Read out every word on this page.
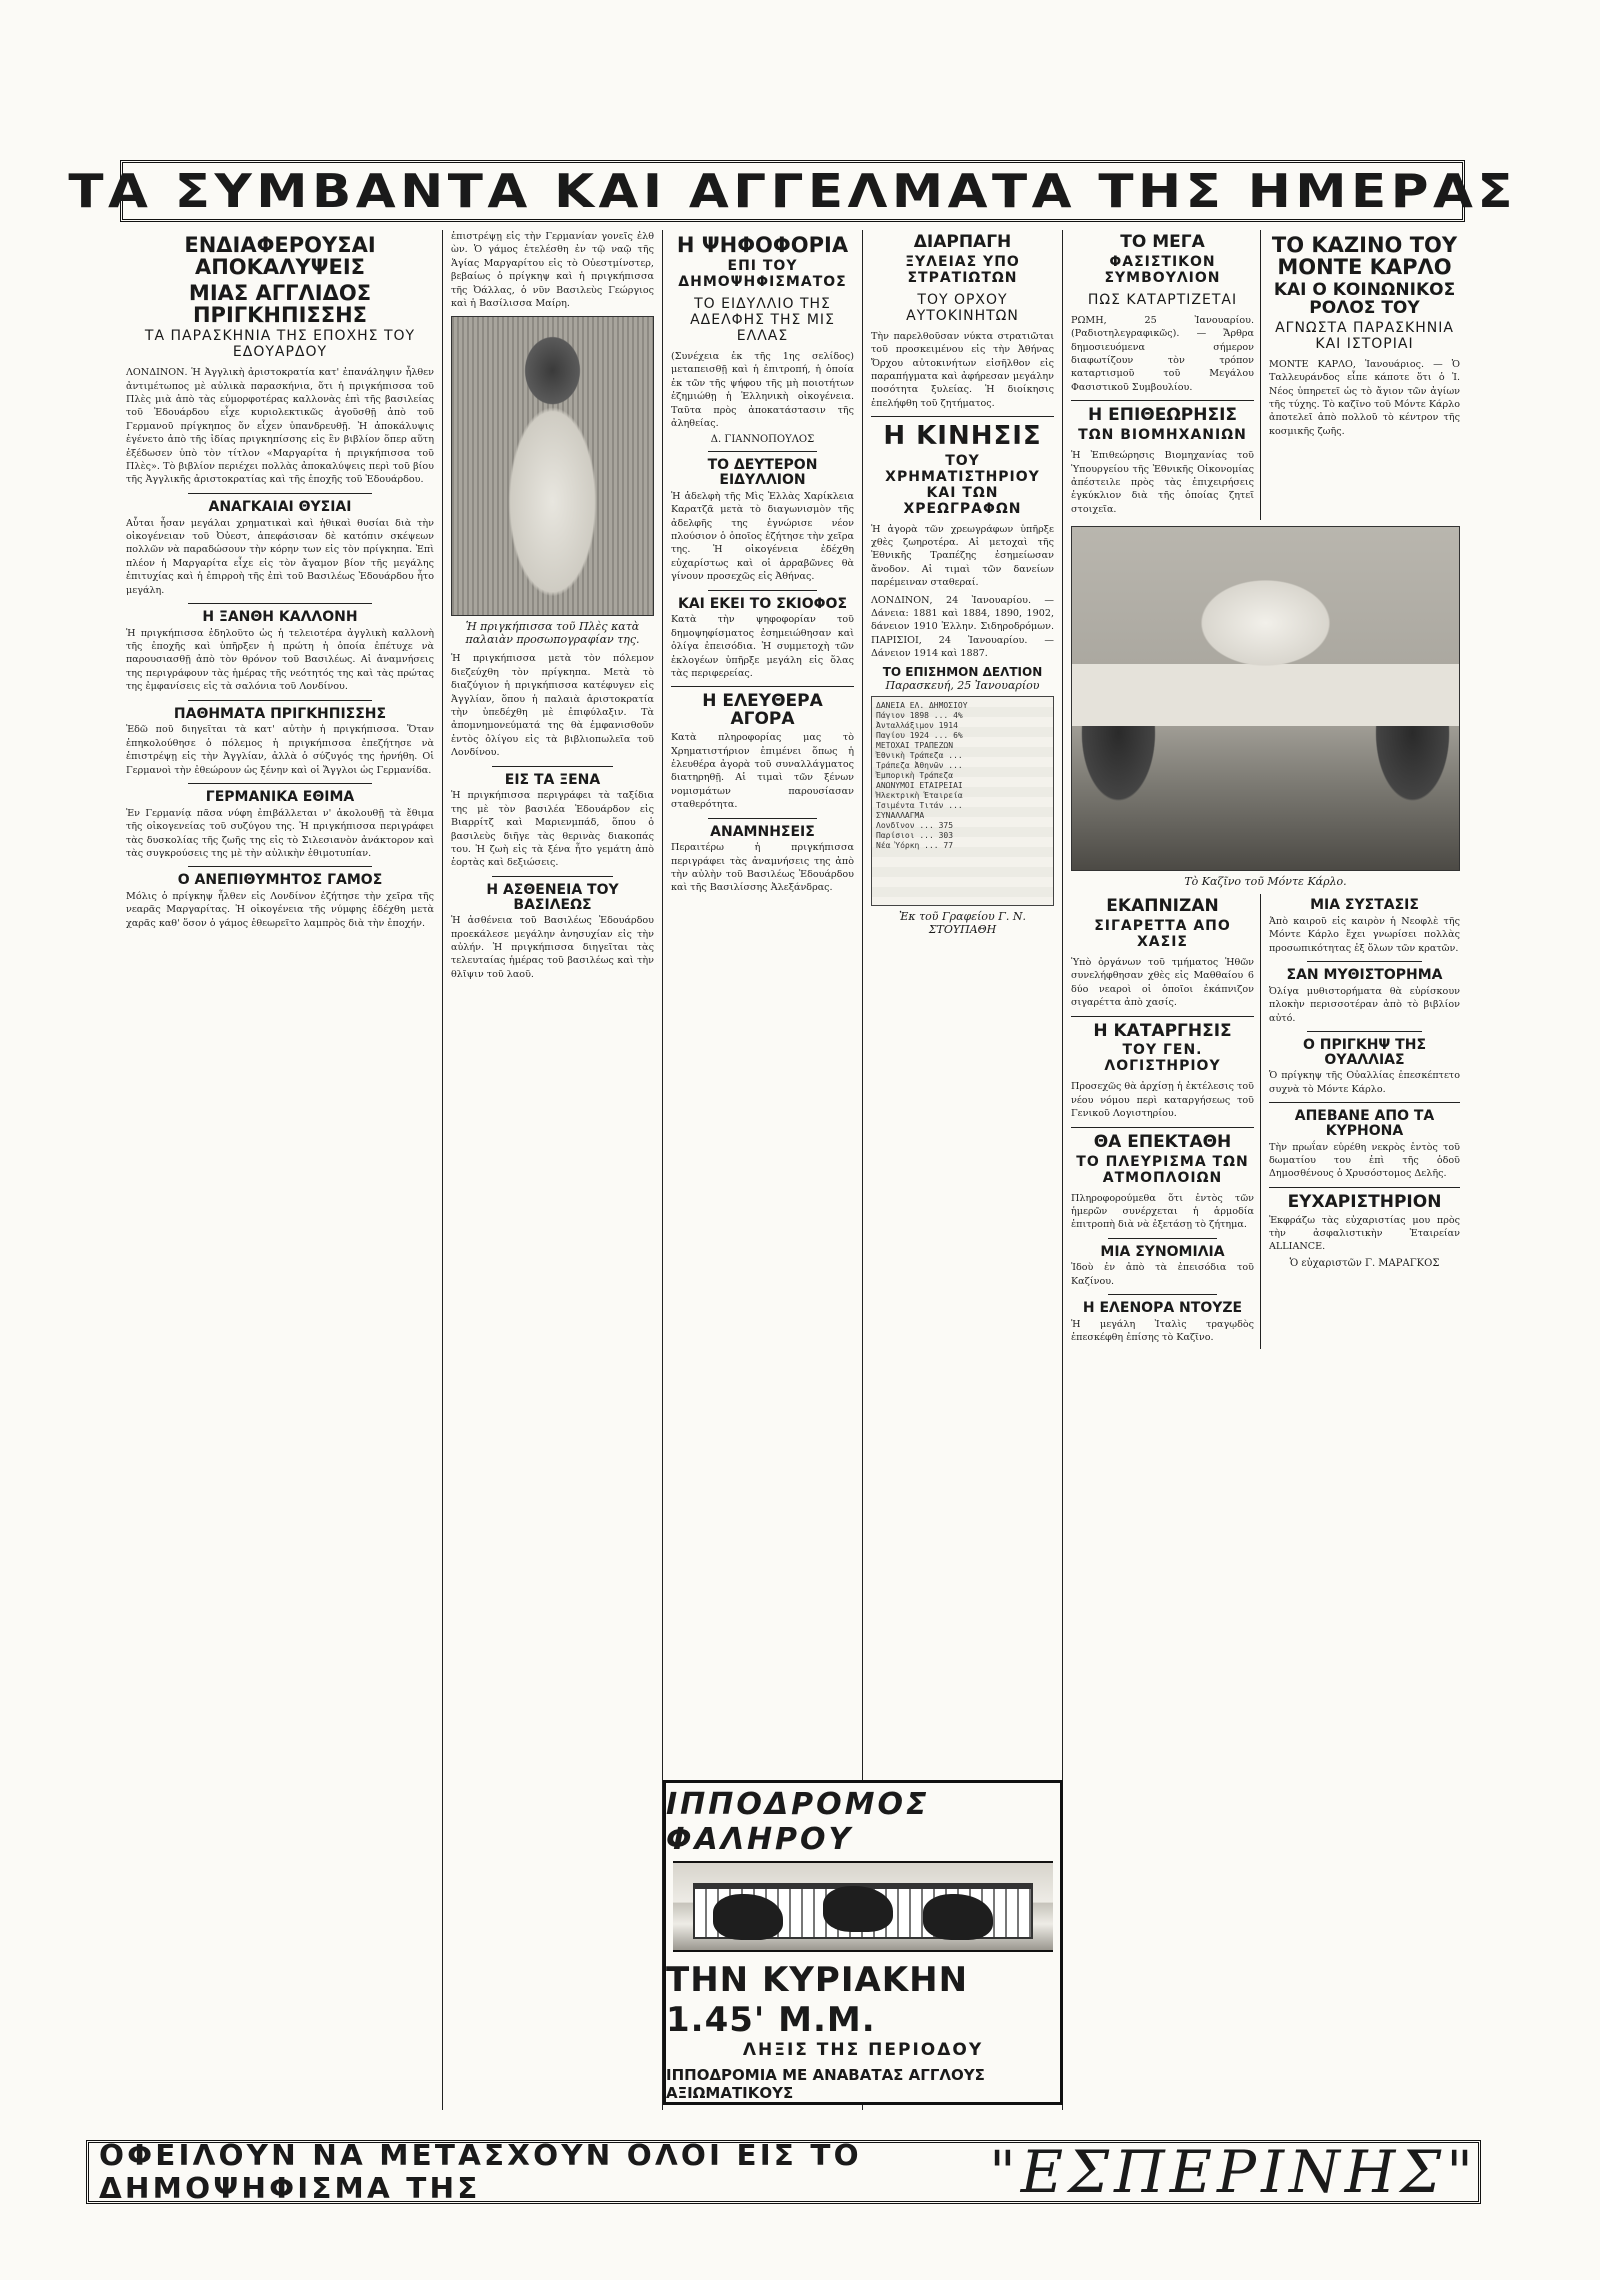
ΤΑ ΣΥΜΒΑΝΤΑ ΚΑΙ ΑΓΓΕΛΜΑΤΑ ΤΗΣ ΗΜΕΡΑΣ
ΕΝΔΙΑΦΕΡΟΥΣΑΙ ΑΠΟΚΑΛΥΨΕΙΣ
ΜΙΑΣ ΑΓΓΛΙΔΟΣ ΠΡΙΓΚΗΠΙΣΣΗΣ
ΤΑ ΠΑΡΑΣΚΗΝΙΑ ΤΗΣ ΕΠΟΧΗΣ ΤΟΥ ΕΔΟΥΑΡΔΟΥ

ΛΟΝΔΙΝΟΝ. Ἡ Ἀγγλικὴ ἀριστοκρατία κατ' ἐπανάληψιν ἦλθεν ἀντιμέτωπος μὲ αὐλικὰ παρασκήνια, ὅτι ἡ πριγκήπισσα τοῦ Πλὲς μιὰ ἀπὸ τὰς εὐμορφοτέρας καλλονὰς ἐπὶ τῆς βασιλείας τοῦ Ἐδουάρδου εἶχε κυριολεκτικῶς ἀγοῦσθῇ ἀπὸ τοῦ Γερμανοῦ πρίγκηπος ὅν εἶχεν ὑπανδρευθῇ. Ἡ ἀποκάλυψις ἐγένετο ἀπὸ τῆς ἰδίας πριγκηπίσσης εἰς ἓν βιβλίον ὅπερ αὕτη ἐξέδωσεν ὑπὸ τὸν τίτλον «Μαργαρίτα ἡ πριγκήπισσα τοῦ Πλὲς». Τὸ βιβλίον περιέχει πολλὰς ἀποκαλύψεις περὶ τοῦ βίου τῆς Ἀγγλικῆς ἀριστοκρατίας καὶ τῆς ἐποχῆς τοῦ Ἐδουάρδου.

ΑΝΑΓΚΑΙΑΙ ΘΥΣΙΑΙ

Αὗται ἦσαν μεγάλαι χρηματικαὶ καὶ ἠθικαὶ θυσίαι διὰ τὴν οἰκογένειαν τοῦ Ὀὐεστ, ἀπεφάσισαν δὲ κατόπιν σκέψεων πολλῶν νὰ παραδώσουν τὴν κόρην των εἰς τὸν πρίγκηπα. Ἐπὶ πλέον ἡ Μαργαρίτα εἶχε εἰς τὸν ἄγαμον βίον τῆς μεγάλης ἐπιτυχίας καὶ ἡ ἐπιρροὴ τῆς ἐπὶ τοῦ Βασιλέως Ἐδουάρδου ἦτο μεγάλη.

Η ΞΑΝΘΗ ΚΑΛΛΟΝΗ

Ἡ πριγκήπισσα ἐδηλοῦτο ὡς ἡ τελειοτέρα ἀγγλικὴ καλλονὴ τῆς ἐποχῆς καὶ ὑπῆρξεν ἡ πρώτη ἡ ὁποία ἐπέτυχε νὰ παρουσιασθῇ ἀπὸ τὸν θρόνον τοῦ Βασιλέως. Αἱ ἀναμνήσεις της περιγράφουν τὰς ἡμέρας τῆς νεότητός της καὶ τὰς πρώτας της ἐμφανίσεις εἰς τὰ σαλόνια τοῦ Λονδίνου.

ΠΑΘΗΜΑΤΑ ΠΡΙΓΚΗΠΙΣΣΗΣ

Ἐδῶ ποῦ διηγεῖται τὰ κατ' αὐτὴν ἡ πριγκήπισσα. Ὅταν ἐπηκολούθησε ὁ πόλεμος ἡ πριγκήπισσα ἐπεζήτησε νὰ ἐπιστρέψῃ εἰς τὴν Ἀγγλίαν, ἀλλὰ ὁ σύζυγός της ἠρνήθη. Οἱ Γερμανοὶ τὴν ἐθεώρουν ὡς ξένην καὶ οἱ Ἄγγλοι ὡς Γερμανίδα.

ΓΕΡΜΑΝΙΚΑ ΕΘΙΜΑ

Ἐν Γερμανίᾳ πᾶσα νύφη ἐπιβάλλεται ν' ἀκολουθῇ τὰ ἔθιμα τῆς οἰκογενείας τοῦ συζύγου της. Ἡ πριγκήπισσα περιγράφει τὰς δυσκολίας τῆς ζωῆς της εἰς τὸ Σιλεσιανὸν ἀνάκτορον καὶ τὰς συγκρούσεις της μὲ τὴν αὐλικὴν ἐθιμοτυπίαν.

Ο ΑΝΕΠΙΘΥΜΗΤΟΣ ΓΑΜΟΣ

Μόλις ὁ πρίγκηψ ἦλθεν εἰς Λονδίνον ἐζήτησε τὴν χεῖρα τῆς νεαρᾶς Μαργαρίτας. Ἡ οἰκογένεια τῆς νύμφης ἐδέχθη μετὰ χαρᾶς καθ' ὅσον ὁ γάμος ἐθεωρεῖτο λαμπρὸς διὰ τὴν ἐποχήν.

ἐπιστρέψῃ εἰς τὴν Γερμανίαν γονεῖς ἐλθ ὼν. Ὁ γάμος ἐτελέσθη ἐν τῷ ναῷ τῆς Ἁγίας Μαργαρίτου εἰς τὸ Οὐεστμίνστερ, βεβαίως ὁ πρίγκηψ καὶ ἡ πριγκήπισσα τῆς Ὀάλλας, ὁ νῦν Βασιλεὺς Γεώργιος καὶ ἡ Βασίλισσα Μαίρη.

Ἡ πριγκήπισσα τοῦ Πλὲς κατὰ παλαιὰν προσωπογραφίαν της.

Ἡ πριγκήπισσα μετὰ τὸν πόλεμον διεζεύχθη τὸν πρίγκηπα. Μετὰ τὸ διαζύγιον ἡ πριγκήπισσα κατέφυγεν εἰς Ἀγγλίαν, ὅπου ἡ παλαιὰ ἀριστοκρατία τὴν ὑπεδέχθη μὲ ἐπιφύλαξιν. Τὰ ἀπομνημονεύματά της θὰ ἐμφανισθοῦν ἐντὸς ὀλίγου εἰς τὰ βιβλιοπωλεῖα τοῦ Λονδίνου.

ΕΙΣ ΤΑ ΞΕΝΑ

Ἡ πριγκήπισσα περιγράφει τὰ ταξίδια της μὲ τὸν βασιλέα Ἐδουάρδον εἰς Βιαρρίτζ καὶ Μαριενμπάδ, ὅπου ὁ βασιλεὺς διῆγε τὰς θερινὰς διακοπάς του. Ἡ ζωὴ εἰς τὰ ξένα ἦτο γεμάτη ἀπὸ ἑορτὰς καὶ δεξιώσεις.

Η ΑΣΘΕΝΕΙΑ ΤΟΥ ΒΑΣΙΛΕΩΣ

Ἡ ἀσθένεια τοῦ Βασιλέως Ἐδουάρδου προεκάλεσε μεγάλην ἀνησυχίαν εἰς τὴν αὐλήν. Ἡ πριγκήπισσα διηγεῖται τὰς τελευταίας ἡμέρας τοῦ βασιλέως καὶ τὴν θλῖψιν τοῦ λαοῦ.

Η ΨΗΦΟΦΟΡΙΑ
ΕΠΙ ΤΟΥ ΔΗΜΟΨΗΦΙΣΜΑΤΟΣ
ΤΟ ΕΙΔΥΛΛΙΟ ΤΗΣ ΑΔΕΛΦΗΣ ΤΗΣ ΜΙΣ ΕΛΛΑΣ

(Συνέχεια ἐκ τῆς 1ης σελίδος) μεταπεισθῇ καὶ ἡ ἐπιτροπή, ἡ ὁποία ἐκ τῶν τῆς ψήφου τῆς μὴ ποιοτήτων ἐζημιώθῃ ἡ Ἑλληνικὴ οἰκογένεια. Ταῦτα πρὸς ἀποκατάστασιν τῆς ἀληθείας.

Δ. ΓΙΑΝΝΟΠΟΥΛΟΣ
ΤΟ ΔΕΥΤΕΡΟΝ ΕΙΔΥΛΛΙΟΝ

Ἡ ἀδελφὴ τῆς Μὶς Ἑλλὰς Χαρίκλεια Καρατζᾶ μετὰ τὸ διαγωνισμὸν τῆς ἀδελφῆς της ἐγνώρισε νέον πλούσιον ὁ ὁποῖος ἐζήτησε τὴν χεῖρα της. Ἡ οἰκογένεια ἐδέχθη εὐχαρίστως καὶ οἱ ἀρραβῶνες θὰ γίνουν προσεχῶς εἰς Ἀθήνας.

ΚΑΙ ΕΚΕΙ ΤΟ ΣΚΙΟΦΟΣ

Κατὰ τὴν ψηφοφορίαν τοῦ δημοψηφίσματος ἐσημειώθησαν καὶ ὀλίγα ἐπεισόδια. Ἡ συμμετοχὴ τῶν ἐκλογέων ὑπῆρξε μεγάλη εἰς ὅλας τὰς περιφερείας.

Η ΕΛΕΥΘΕΡΑ ΑΓΟΡΑ

Κατὰ πληροφορίας μας τὸ Χρηματιστήριον ἐπιμένει ὅπως ἡ ἐλευθέρα ἀγορὰ τοῦ συναλλάγματος διατηρηθῇ. Αἱ τιμαὶ τῶν ξένων νομισμάτων παρουσίασαν σταθερότητα.

ΑΝΑΜΝΗΣΕΙΣ

Περαιτέρω ἡ πριγκήπισσα περιγράφει τὰς ἀναμνήσεις της ἀπὸ τὴν αὐλὴν τοῦ Βασιλέως Ἐδουάρδου καὶ τῆς Βασιλίσσης Ἀλεξάνδρας.

ΔΙΑΡΠΑΓΗ
ΞΥΛΕΙΑΣ ΥΠΟ ΣΤΡΑΤΙΩΤΩΝ
ΤΟΥ ΟΡΧΟΥ ΑΥΤΟΚΙΝΗΤΩΝ

Τὴν παρελθοῦσαν νύκτα στρατιῶται τοῦ προσκειμένου εἰς τὴν Ἀθήνας Ὄρχου αὐτοκινήτων εἰσῆλθον εἰς παραπήγματα καὶ ἀφήρεσαν μεγάλην ποσότητα ξυλείας. Ἡ διοίκησις ἐπελήφθη τοῦ ζητήματος.

Η ΚΙΝΗΣΙΣ
ΤΟΥ ΧΡΗΜΑΤΙΣΤΗΡΙΟΥ ΚΑΙ ΤΩΝ ΧΡΕΩΓΡΑΦΩΝ

Ἡ ἀγορὰ τῶν χρεωγράφων ὑπῆρξε χθὲς ζωηροτέρα. Αἱ μετοχαὶ τῆς Ἐθνικῆς Τραπέζης ἐσημείωσαν ἄνοδον. Αἱ τιμαὶ τῶν δανείων παρέμειναν σταθεραί.

ΛΟΝΔΙΝΟΝ, 24 Ἰανουαρίου. — Δάνεια: 1881 καὶ 1884, 1890, 1902, δάνειον 1910 Ἑλλην. Σιδηροδρόμων. ΠΑΡΙΣΙΟΙ, 24 Ἰανουαρίου. — Δάνειον 1914 καὶ 1887.

ΤΟ ΕΠΙΣΗΜΟΝ ΔΕΛΤΙΟΝ
Παρασκευή, 25 Ἰανουαρίου
ΔΑΝΕΙΑ ΕΛ. ΔΗΜΟΣΙΟΥ
Πάγιον 1898 ... 4%
Ἀνταλλάξιμον 1914
Παγίου 1924 ... 6%
ΜΕΤΟΧΑΙ ΤΡΑΠΕΖΩΝ
Ἐθνικὴ Τράπεζα ...
Τράπεζα Ἀθηνῶν ...
Ἐμπορικὴ Τράπεζα
ΑΝΩΝΥΜΟΙ ΕΤΑΙΡΕΙΑΙ
Ἠλεκτρικὴ Ἑταιρεία
Τσιμέντα Τιτάν ...
ΣΥΝΑΛΛΑΓΜΑ
Λονδῖνον ... 375
Παρίσιοι ... 303
Νέα Ὑόρκη ... 77
Ἐκ τοῦ Γραφείου Γ. Ν. ΣΤΟΥΠΑΘΗ
ΤΟ ΜΕΓΑ
ΦΑΣΙΣΤΙΚΟΝ ΣΥΜΒΟΥΛΙΟΝ
ΠΩΣ ΚΑΤΑΡΤΙΖΕΤΑΙ

ΡΩΜΗ, 25 Ἰανουαρίου. (Ραδιοτηλεγραφικῶς). — Ἄρθρα δημοσιευόμενα σήμερον διαφωτίζουν τὸν τρόπον καταρτισμοῦ τοῦ Μεγάλου Φασιστικοῦ Συμβουλίου.

Η ΕΠΙΘΕΩΡΗΣΙΣ
ΤΩΝ ΒΙΟΜΗΧΑΝΙΩΝ

Ἡ Ἐπιθεώρησις Βιομηχανίας τοῦ Ὑπουργείου τῆς Ἐθνικῆς Οἰκονομίας ἀπέστειλε πρὸς τὰς ἐπιχειρήσεις ἐγκύκλιον διὰ τῆς ὁποίας ζητεῖ στοιχεῖα.

ΤΟ ΚΑΖΙΝΟ ΤΟΥ ΜΟΝΤΕ ΚΑΡΛΟ
ΚΑΙ Ο ΚΟΙΝΩΝΙΚΟΣ ΡΟΛΟΣ ΤΟΥ
ΑΓΝΩΣΤΑ ΠΑΡΑΣΚΗΝΙΑ ΚΑΙ ΙΣΤΟΡΙΑΙ

ΜΟΝΤΕ ΚΑΡΛΟ, Ἰανουάριος. — Ὁ Ταλλευράνδος εἶπε κάποτε ὅτι ὁ Ἰ. Νέος ὑπηρετεῖ ὡς τὸ ἄγιον τῶν ἀγίων τῆς τύχης. Τὸ καζῖνο τοῦ Μόντε Κάρλο ἀποτελεῖ ἀπὸ πολλοῦ τὸ κέντρον τῆς κοσμικῆς ζωῆς.

Τὸ Καζῖνο τοῦ Μόντε Κάρλο.
ΕΚΑΠΝΙΖΑΝ
ΣΙΓΑΡΕΤΤΑ ΑΠΟ ΧΑΣΙΣ

Ὑπὸ ὀργάνων τοῦ τμήματος Ἡθῶν συνελήφθησαν χθὲς εἰς Μαθθαίου 6 δύο νεαροὶ οἱ ὁποῖοι ἐκάπνιζον σιγαρέττα ἀπὸ χασίς.

Η ΚΑΤΑΡΓΗΣΙΣ
ΤΟΥ ΓΕΝ. ΛΟΓΙΣΤΗΡΙΟΥ

Προσεχῶς θὰ ἀρχίσῃ ἡ ἐκτέλεσις τοῦ νέου νόμου περὶ καταργήσεως τοῦ Γενικοῦ Λογιστηρίου.

ΘΑ ΕΠΕΚΤΑΘΗ
ΤΟ ΠΛΕΥΡΙΣΜΑ ΤΩΝ ΑΤΜΟΠΛΟΙΩΝ

Πληροφορούμεθα ὅτι ἐντὸς τῶν ἡμερῶν συνέρχεται ἡ ἁρμοδία ἐπιτροπὴ διὰ νὰ ἐξετάσῃ τὸ ζήτημα.

ΜΙΑ ΣΥΝΟΜΙΛΙΑ

Ἰδοὺ ἐν ἀπὸ τὰ ἐπεισόδια τοῦ Καζίνου.

Η ΕΛΕΝΟΡΑ ΝΤΟΥΖΕ

Ἡ μεγάλη Ἰταλὶς τραγῳδὸς ἐπεσκέφθη ἐπίσης τὸ Καζῖνο.

ΜΙΑ ΣΥΣΤΑΣΙΣ

Ἀπὸ καιροῦ εἰς καιρὸν ἡ Νεοφλὲ τῆς Μόντε Κάρλο ἔχει γνωρίσει πολλὰς προσωπικότητας ἐξ ὅλων τῶν κρατῶν.

ΣΑΝ ΜΥΘΙΣΤΟΡΗΜΑ

Ὀλίγα μυθιστορήματα θὰ εὑρίσκουν πλοκὴν περισσοτέραν ἀπὸ τὸ βιβλίον αὐτό.

Ο ΠΡΙΓΚΗΨ ΤΗΣ ΟΥΑΛΛΙΑΣ

Ὁ πρίγκηψ τῆς Οὐαλλίας ἐπεσκέπτετο συχνὰ τὸ Μόντε Κάρλο.

ΑΠΕΒΑΝΕ ΑΠΟ ΤΑ ΚΥΡΗΟΝΑ

Τὴν πρωΐαν εὑρέθη νεκρὸς ἐντὸς τοῦ δωματίου του ἐπὶ τῆς ὁδοῦ Δημοσθένους ὁ Χρυσόστομος Δελῆς.

ΕΥΧΑΡΙΣΤΗΡΙΟΝ

Ἐκφράζω τὰς εὐχαριστίας μου πρὸς τὴν ἀσφαλιστικὴν Ἑταιρείαν ALLIANCE.

Ὁ εὐχαριστῶν Γ. ΜΑΡΑΓΚΟΣ
ΙΠΠΟΔΡΟΜΟΣ ΦΑΛΗΡΟΥ
ΤΗΝ ΚΥΡΙΑΚΗΝ 1.45' Μ.Μ.
ΛΗΞΙΣ ΤΗΣ ΠΕΡΙΟΔΟΥ
ΙΠΠΟΔΡΟΜΙΑ ΜΕ ΑΝΑΒΑΤΑΣ ΑΓΓΛΟΥΣ ΑΞΙΩΜΑΤΙΚΟΥΣ
ΟΦΕΙΛΟΥΝ ΝΑ ΜΕΤΑΣΧΟΥΝ ΟΛΟΙ ΕΙΣ ΤΟ ΔΗΜΟΨΗΦΙΣΜΑ ΤΗΣ	"ΕΣΠΕΡΙΝΗΣ"
